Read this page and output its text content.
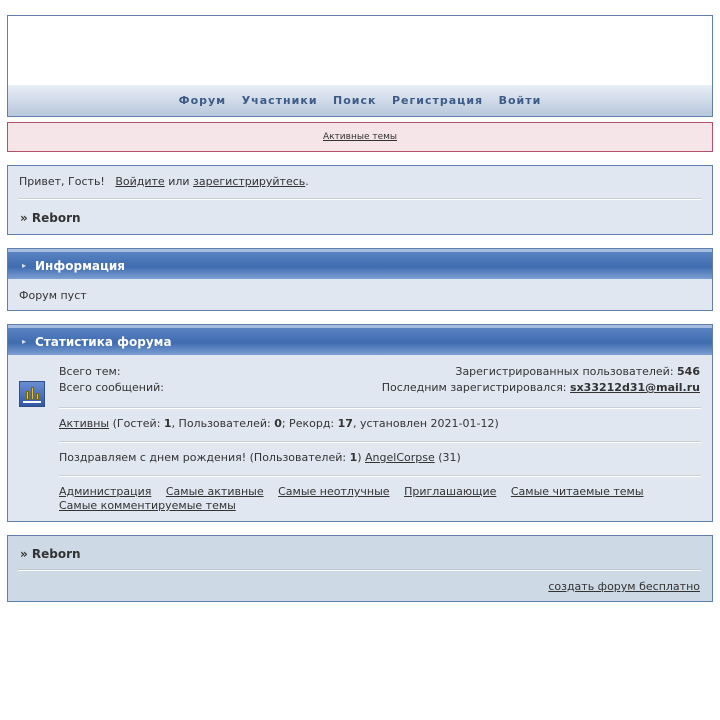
Форум Участники Поиск Регистрация Войти
Активные темы
Привет, Гость! Войдите или зарегистрируйтесь.
» Reborn
▸ Информация
Форум пуст
▸ Статистика форума
Всего тем:	Зарегистрированных пользователей: 546
Всего сообщений:	Последним зарегистрировался: sx33212d31@mail.ru
Активны (Гостей: 1, Пользователей: 0; Рекорд: 17, установлен 2021-01-12)
Поздравляем с днем рождения! (Пользователей: 1) AngelCorpse (31)
Администрация Самые активные Самые неотлучные Приглашающие Самые читаемые темы
Самые комментируемые темы
» Reborn
создать форум бесплатно
